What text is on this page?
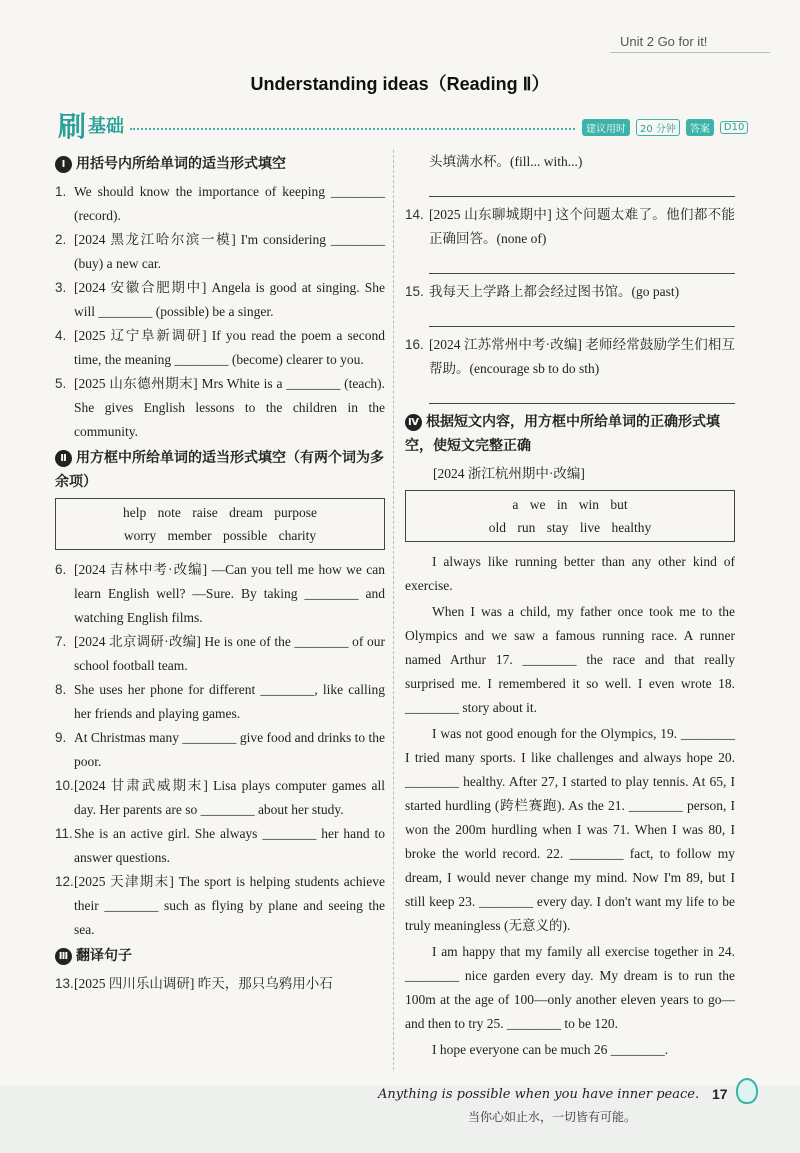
Unit 2 Go for it!
Understanding ideas（Reading Ⅱ）
刷 基础	建议用时	20 分钟	答案	D10
Ⅰ 用括号内所给单词的适当形式填空
1. We should know the importance of keeping ________ (record).
2. [2024 黑龙江哈尔滨一模] I'm considering ________ (buy) a new car.
3. [2024 安徽合肥期中] Angela is good at singing. She will ________ (possible) be a singer.
4. [2025 辽宁阜新调研] If you read the poem a second time, the meaning ________ (become) clearer to you.
5. [2025 山东德州期末] Mrs White is a ________ (teach). She gives English lessons to the children in the community.
Ⅱ 用方框中所给单词的适当形式填空（有两个词为多余项）
help note raise dream purpose
worry member possible charity
6. [2024 吉林中考·改编] —Can you tell me how we can learn English well? —Sure. By taking ________ and watching English films.
7. [2024 北京调研·改编] He is one of the ________ of our school football team.
8. She uses her phone for different ________, like calling her friends and playing games.
9. At Christmas many ________ give food and drinks to the poor.
10. [2024 甘肃武威期末] Lisa plays computer games all day. Her parents are so ________ about her study.
11. She is an active girl. She always ________ her hand to answer questions.
12. [2025 天津期末] The sport is helping students achieve their ________ such as flying by plane and seeing the sea.
Ⅲ 翻译句子
13. [2025 四川乐山调研] 昨天，那只乌鸦用小石
头填满水杯。(fill... with...)
14. [2025 山东聊城期中] 这个问题太难了。他们都不能正确回答。(none of)
15. 我每天上学路上都会经过图书馆。(go past)
16. [2024 江苏常州中考·改编] 老师经常鼓励学生们相互帮助。(encourage sb to do sth)
Ⅳ 根据短文内容，用方框中所给单词的正确形式填空，使短文完整正确
[2024 浙江杭州期中·改编]
a we in win but
old run stay live healthy

I always like running better than any other kind of exercise.

When I was a child, my father once took me to the Olympics and we saw a famous running race. A runner named Arthur 17. ________ the race and that really surprised me. I remembered it so well. I even wrote 18. ________ story about it.

I was not good enough for the Olympics, 19. ________ I tried many sports. I like challenges and always hope 20. ________ healthy. After 27, I started to play tennis. At 65, I started hurdling (跨栏赛跑). As the 21. ________ person, I won the 200m hurdling when I was 71. When I was 80, I broke the world record. 22. ________ fact, to follow my dream, I would never change my mind. Now I'm 89, but I still keep 23. ________ every day. I don't want my life to be truly meaningless (无意义的).

I am happy that my family all exercise together in 24. ________ nice garden every day. My dream is to run the 100m at the age of 100—only another eleven years to go—and then to try 25. ________ to be 120.

I hope everyone can be much 26 ________.

Anything is possible when you have inner peace.
当你心如止水，一切皆有可能。
17
